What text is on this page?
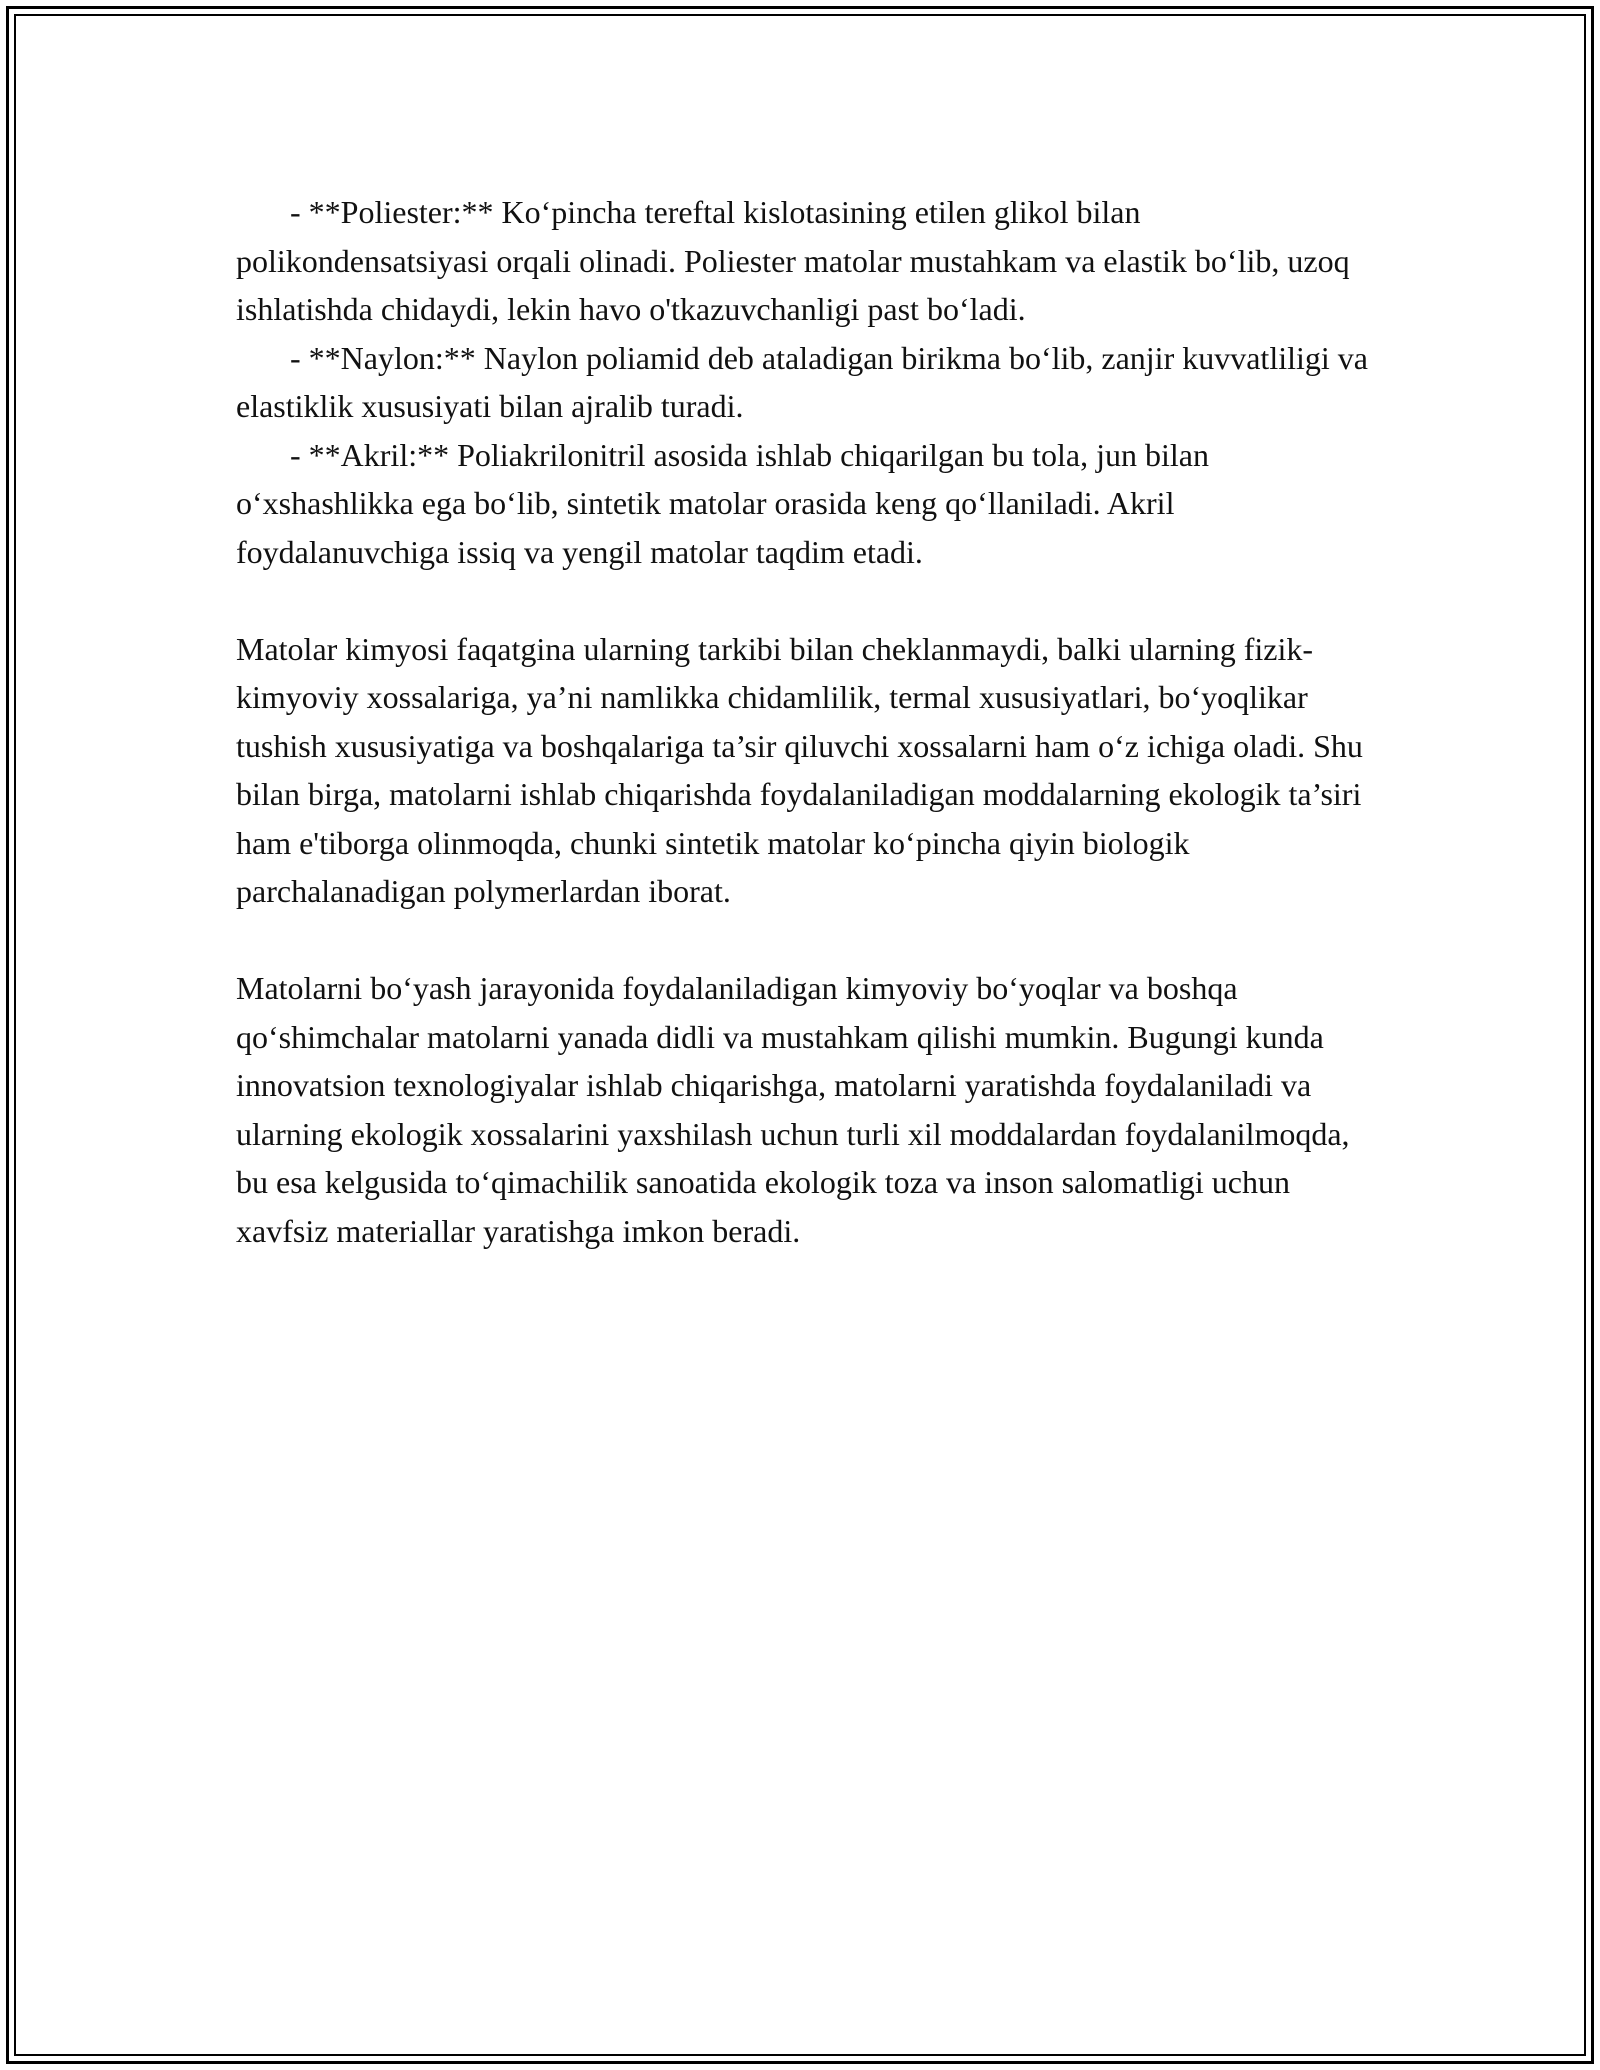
- **Poliester:** Ko‘pincha tereftal kislotasining etilen glikol bilan polikondensatsiyasi orqali olinadi. Poliester matolar mustahkam va elastik bo‘lib, uzoq ishlatishda chidaydi, lekin havo o'tkazuvchanligi past bo‘ladi.

- **Naylon:** Naylon poliamid deb ataladigan birikma bo‘lib, zanjir kuvvatliligi va elastiklik xususiyati bilan ajralib turadi.

- **Akril:** Poliakrilonitril asosida ishlab chiqarilgan bu tola, jun bilan o‘xshashlikka ega bo‘lib, sintetik matolar orasida keng qo‘llaniladi. Akril foydalanuvchiga issiq va yengil matolar taqdim etadi.

Matolar kimyosi faqatgina ularning tarkibi bilan cheklanmaydi, balki ularning fizik-kimyoviy xossalariga, ya’ni namlikka chidamlilik, termal xususiyatlari, bo‘yoqlikar tushish xususiyatiga va boshqalariga ta’sir qiluvchi xossalarni ham o‘z ichiga oladi. Shu bilan birga, matolarni ishlab chiqarishda foydalaniladigan moddalarning ekologik ta’siri ham e'tiborga olinmoqda, chunki sintetik matolar ko‘pincha qiyin biologik parchalanadigan polymerlardan iborat.

Matolarni bo‘yash jarayonida foydalaniladigan kimyoviy bo‘yoqlar va boshqa qo‘shimchalar matolarni yanada didli va mustahkam qilishi mumkin. Bugungi kunda innovatsion texnologiyalar ishlab chiqarishga, matolarni yaratishda foydalaniladi va ularning ekologik xossalarini yaxshilash uchun turli xil moddalardan foydalanilmoqda, bu esa kelgusida to‘qimachilik sanoatida ekologik toza va inson salomatligi uchun xavfsiz materiallar yaratishga imkon beradi.
